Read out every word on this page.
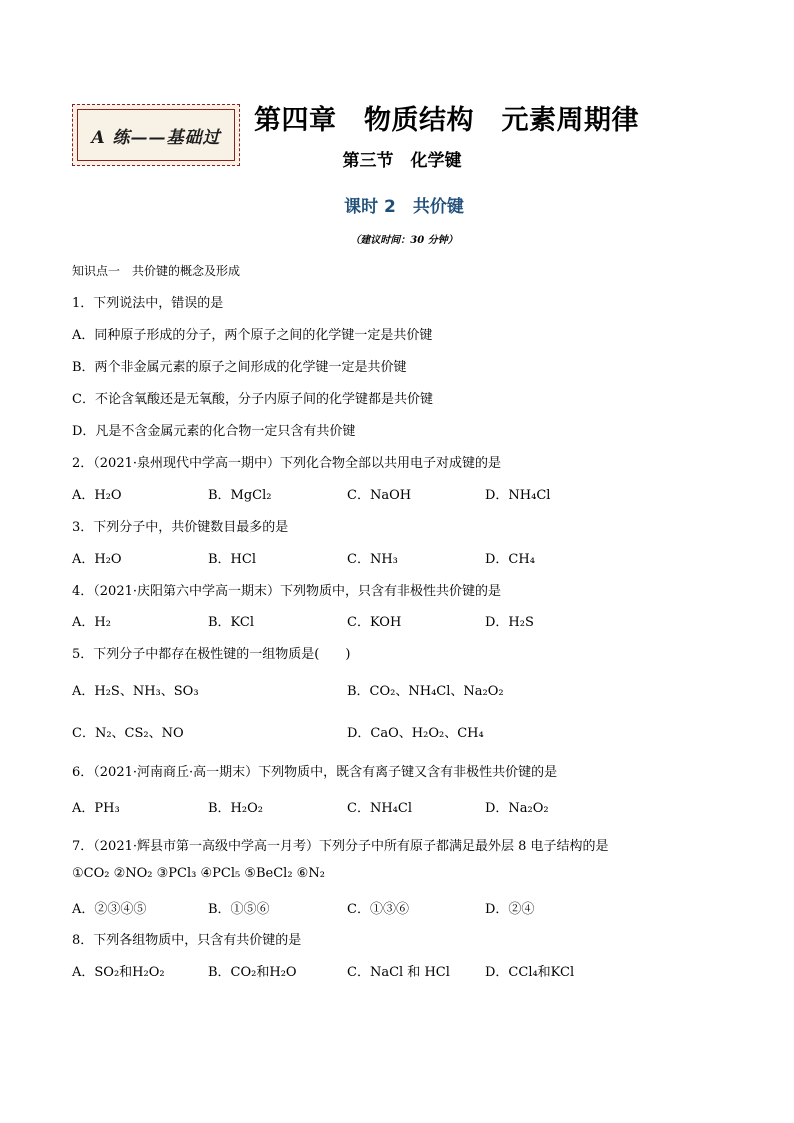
A 练——基础过
第四章　物质结构　元素周期律
第三节　化学键
课时 2　共价键
（建议时间：30 分钟）
知识点一　共价键的概念及形成
1．下列说法中，错误的是
A．同种原子形成的分子，两个原子之间的化学键一定是共价键
B．两个非金属元素的原子之间形成的化学键一定是共价键
C．不论含氧酸还是无氧酸，分子内原子间的化学键都是共价键
D．凡是不含金属元素的化合物一定只含有共价键
2．（2021·泉州现代中学高一期中）下列化合物全部以共用电子对成键的是
A．H₂O	B．MgCl₂	C．NaOH	D．NH₄Cl
3．下列分子中，共价键数目最多的是
A．H₂O	B．HCl	C．NH₃	D．CH₄
4．（2021·庆阳第六中学高一期末）下列物质中，只含有非极性共价键的是
A．H₂	B．KCl	C．KOH	D．H₂S
5．下列分子中都存在极性键的一组物质是(　　)
A．H₂S、NH₃、SO₃	B．CO₂、NH₄Cl、Na₂O₂
C．N₂、CS₂、NO	D．CaO、H₂O₂、CH₄
6．（2021·河南商丘·高一期末）下列物质中，既含有离子键又含有非极性共价键的是
A．PH₃	B．H₂O₂	C．NH₄Cl	D．Na₂O₂
7．（2021·辉县市第一高级中学高一月考）下列分子中所有原子都满足最外层 8 电子结构的是
①CO₂ ②NO₂ ③PCl₃ ④PCl₅ ⑤BeCl₂ ⑥N₂
A．②③④⑤	B．①⑤⑥	C．①③⑥	D．②④
8．下列各组物质中，只含有共价键的是
A．SO₂和H₂O₂	B．CO₂和H₂O	C．NaCl 和 HCl	D．CCl₄和KCl
